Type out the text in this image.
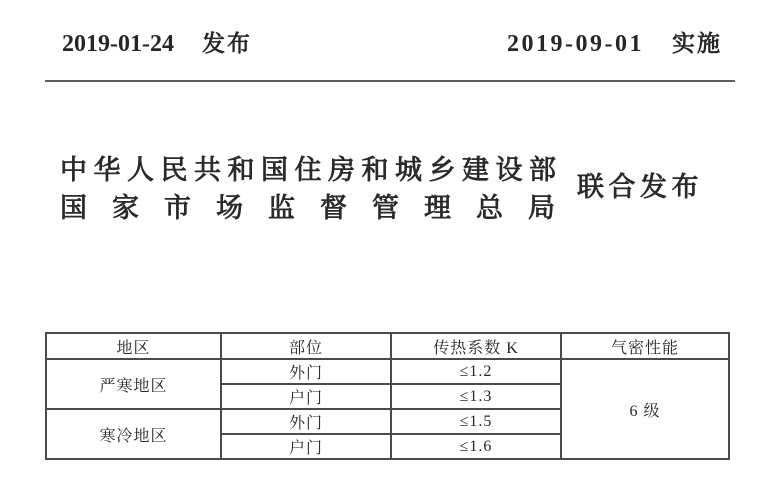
2019-01-24 发布	2019-09-01 实施
中华人民共和国住房和城乡建设部
国家市场监督管理总局
联合发布
地区	部位	传热系数 K	气密性能
严寒地区	外门	≤1.2	6 级
	户门	≤1.3	
寒冷地区	外门	≤1.5	
	户门	≤1.6	
